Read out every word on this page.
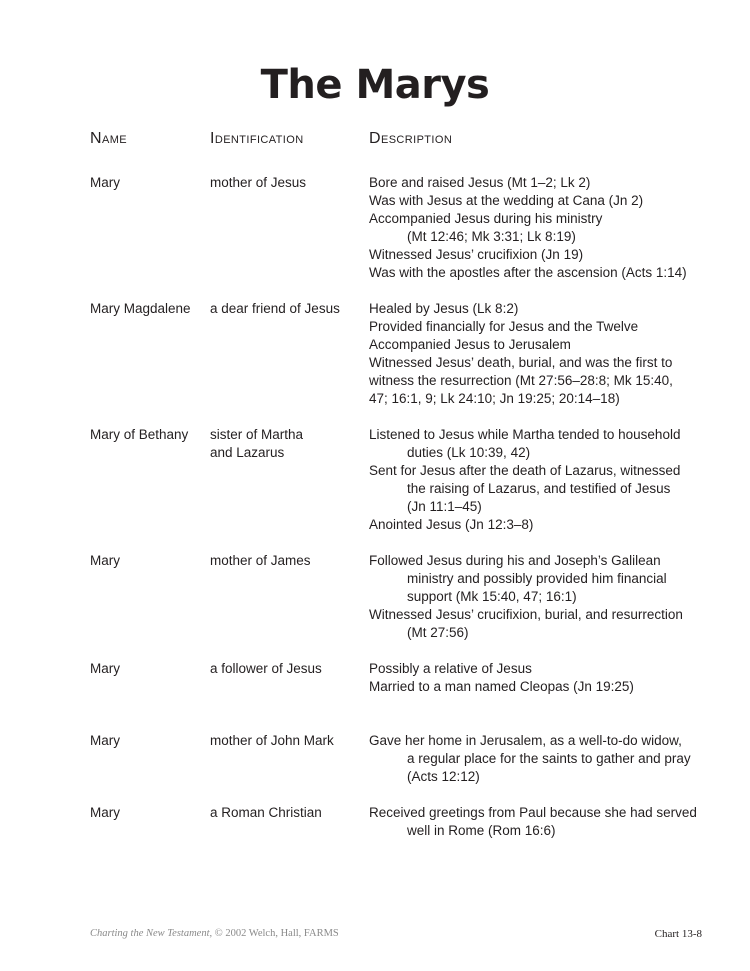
The Marys
Name	Identification	Description
Mary	mother of Jesus	Bore and raised Jesus (Mt 1–2; Lk 2)
Was with Jesus at the wedding at Cana (Jn 2)
Accompanied Jesus during his ministry
(Mt 12:46; Mk 3:31; Lk 8:19)
Witnessed Jesus’ crucifixion (Jn 19)
Was with the apostles after the ascension (Acts 1:14)
Mary Magdalene	a dear friend of Jesus	Healed by Jesus (Lk 8:2)
Provided financially for Jesus and the Twelve
Accompanied Jesus to Jerusalem
Witnessed Jesus’ death, burial, and was the first to
witness the resurrection (Mt 27:56–28:8; Mk 15:40,
47; 16:1, 9; Lk 24:10; Jn 19:25; 20:14–18)
Mary of Bethany	sister of Martha
and Lazarus
Listened to Jesus while Martha tended to household
duties (Lk 10:39, 42)
Sent for Jesus after the death of Lazarus, witnessed
the raising of Lazarus, and testified of Jesus
(Jn 11:1–45)
Anointed Jesus (Jn 12:3–8)
Mary	mother of James	Followed Jesus during his and Joseph’s Galilean
ministry and possibly provided him financial
support (Mk 15:40, 47; 16:1)
Witnessed Jesus’ crucifixion, burial, and resurrection
(Mt 27:56)
Mary	a follower of Jesus	Possibly a relative of Jesus
Married to a man named Cleopas (Jn 19:25)
Mary	mother of John Mark	Gave her home in Jerusalem, as a well-to-do widow,
a regular place for the saints to gather and pray
(Acts 12:12)
Mary	a Roman Christian	Received greetings from Paul because she had served
well in Rome (Rom 16:6)
Charting the New Testament, © 2002 Welch, Hall, FARMS	Chart 13-8
